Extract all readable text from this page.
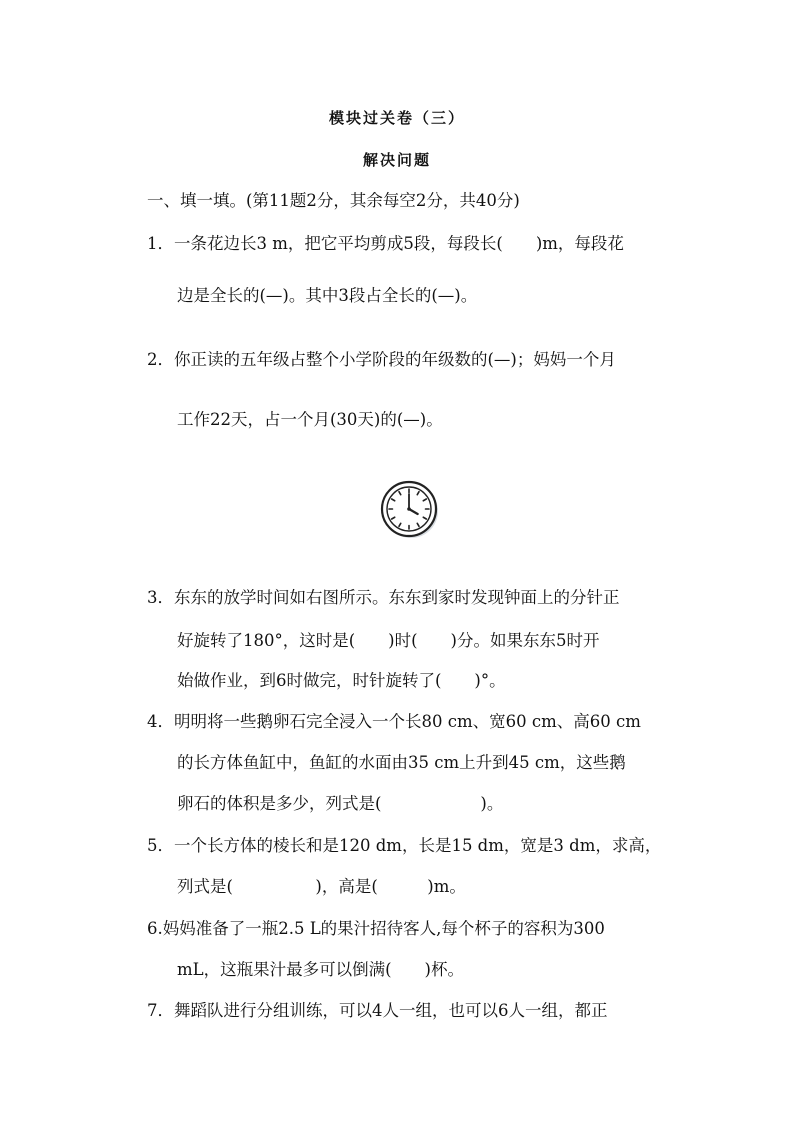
模块过关卷（三）
解决问题
一、填一填。(第11题2分，其余每空2分，共40分)
1．一条花边长3 m，把它平均剪成5段，每段长(　　)m，每段花
边是全长的(—)。其中3段占全长的(—)。
2．你正读的五年级占整个小学阶段的年级数的(—)；妈妈一个月
工作22天，占一个月(30天)的(—)。
3．东东的放学时间如右图所示。东东到家时发现钟面上的分针正
好旋转了180°，这时是(　　)时(　　)分。如果东东5时开
始做作业，到6时做完，时针旋转了(　　)°。
4．明明将一些鹅卵石完全浸入一个长80 cm、宽60 cm、高60 cm
的长方体鱼缸中，鱼缸的水面由35 cm上升到45 cm，这些鹅
卵石的体积是多少，列式是(　　　　　　)。
5．一个长方体的棱长和是120 dm，长是15 dm，宽是3 dm，求高，
列式是(　　　　　)，高是(　　　)m。
6.妈妈准备了一瓶2.5 L的果汁招待客人,每个杯子的容积为300
mL，这瓶果汁最多可以倒满(　　)杯。
7．舞蹈队进行分组训练，可以4人一组，也可以6人一组，都正
